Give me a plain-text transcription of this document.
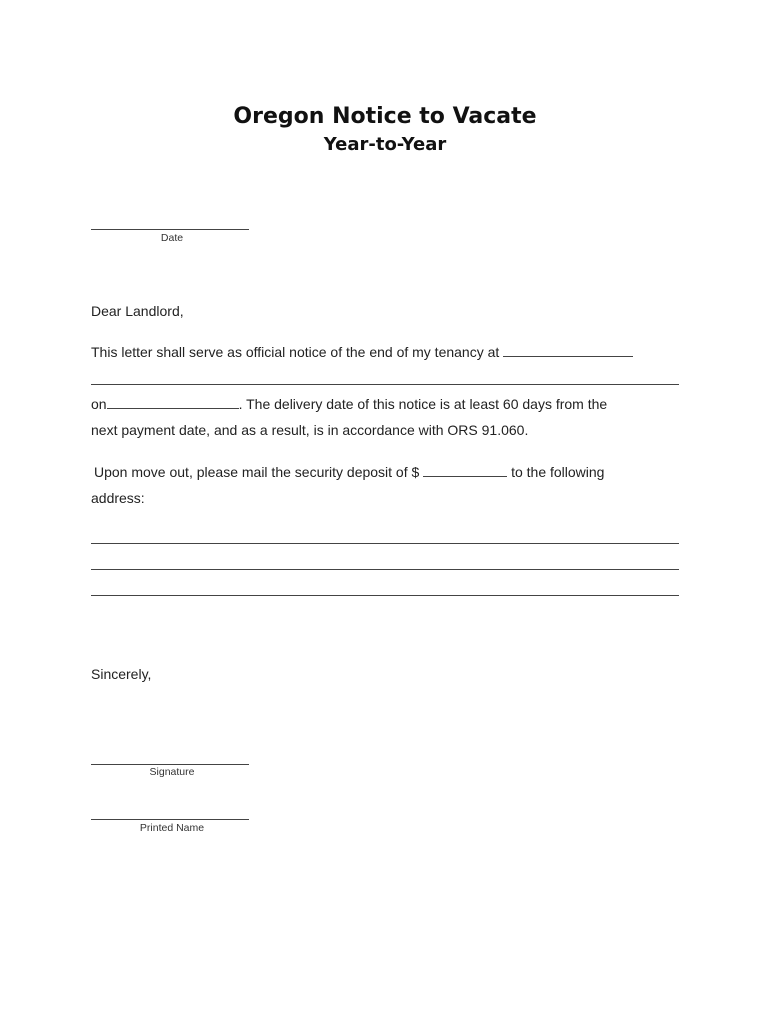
Oregon Notice to Vacate
Year-to-Year
Date

Dear Landlord,

This letter shall serve as official notice of the end of my tenancy at

on	. The delivery date of this notice is at least 60 days from the

next payment date, and as a result, is in accordance with ORS 91.060.

Upon move out, please mail the security deposit of $	to the following

address:

Sincerely,

Signature
Printed Name
